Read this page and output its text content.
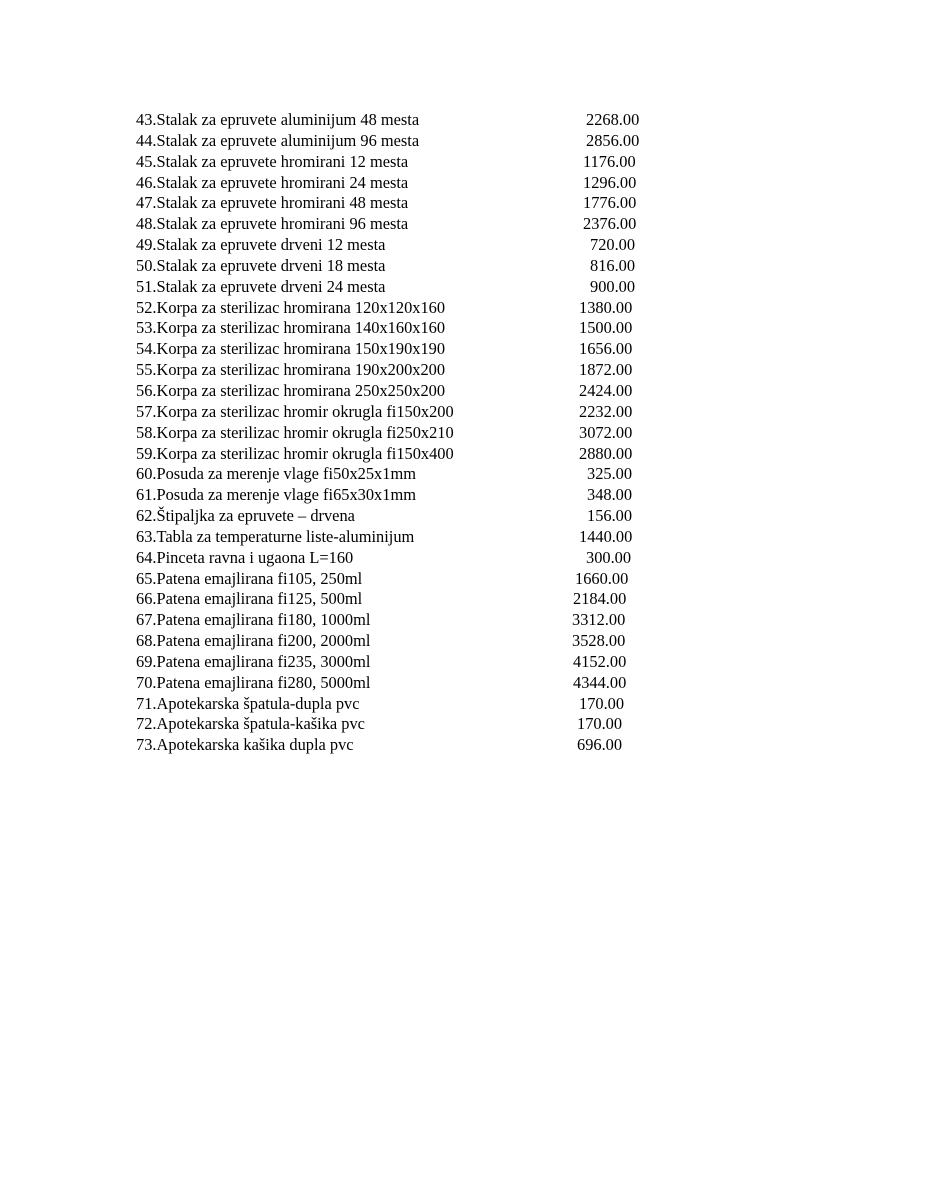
43.Stalak za epruvete aluminijum 48 mesta	2268.00
44.Stalak za epruvete aluminijum 96 mesta	2856.00
45.Stalak za epruvete hromirani 12 mesta	1176.00
46.Stalak za epruvete hromirani 24 mesta	1296.00
47.Stalak za epruvete hromirani 48 mesta	1776.00
48.Stalak za epruvete hromirani 96 mesta	2376.00
49.Stalak za epruvete drveni 12 mesta	720.00
50.Stalak za epruvete drveni 18 mesta	816.00
51.Stalak za epruvete drveni 24 mesta	900.00
52.Korpa za sterilizac hromirana 120x120x160	1380.00
53.Korpa za sterilizac hromirana 140x160x160	1500.00
54.Korpa za sterilizac hromirana 150x190x190	1656.00
55.Korpa za sterilizac hromirana 190x200x200	1872.00
56.Korpa za sterilizac hromirana 250x250x200	2424.00
57.Korpa za sterilizac hromir okrugla fi150x200	2232.00
58.Korpa za sterilizac hromir okrugla fi250x210	3072.00
59.Korpa za sterilizac hromir okrugla fi150x400	2880.00
60.Posuda za merenje vlage fi50x25x1mm	325.00
61.Posuda za merenje vlage fi65x30x1mm	348.00
62.Štipaljka za epruvete – drvena	156.00
63.Tabla za temperaturne liste-aluminijum	1440.00
64.Pinceta ravna i ugaona L=160	300.00
65.Patena emajlirana fi105, 250ml	1660.00
66.Patena emajlirana fi125, 500ml	2184.00
67.Patena emajlirana fi180, 1000ml	3312.00
68.Patena emajlirana fi200, 2000ml	3528.00
69.Patena emajlirana fi235, 3000ml	4152.00
70.Patena emajlirana fi280, 5000ml	4344.00
71.Apotekarska špatula-dupla pvc	170.00
72.Apotekarska špatula-kašika pvc	170.00
73.Apotekarska kašika dupla pvc	696.00
